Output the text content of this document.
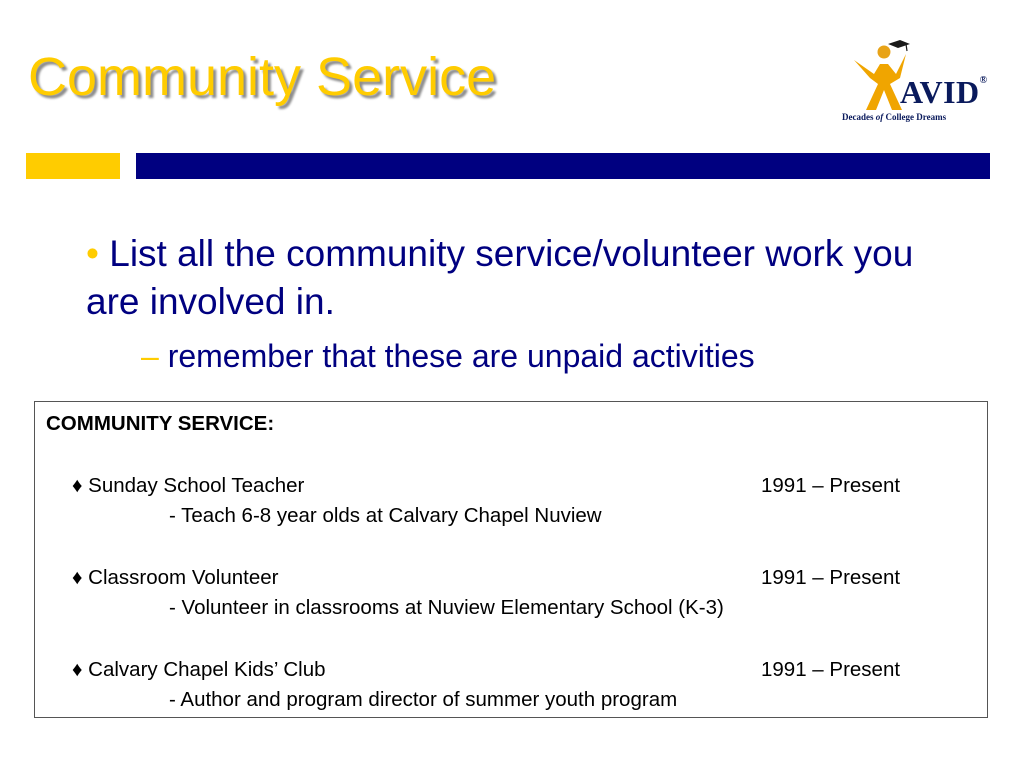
Community Service	AVID®
Decades of College Dreams
• List all the community service/volunteer work you are involved in.
– remember that these are unpaid activities
COMMUNITY SERVICE:
♦ Sunday School Teacher	1991 – Present
- Teach 6-8 year olds at Calvary Chapel Nuview
♦ Classroom Volunteer	1991 – Present
- Volunteer in classrooms at Nuview Elementary School (K-3)
♦ Calvary Chapel Kids’ Club	1991 – Present
- Author and program director of summer youth program
